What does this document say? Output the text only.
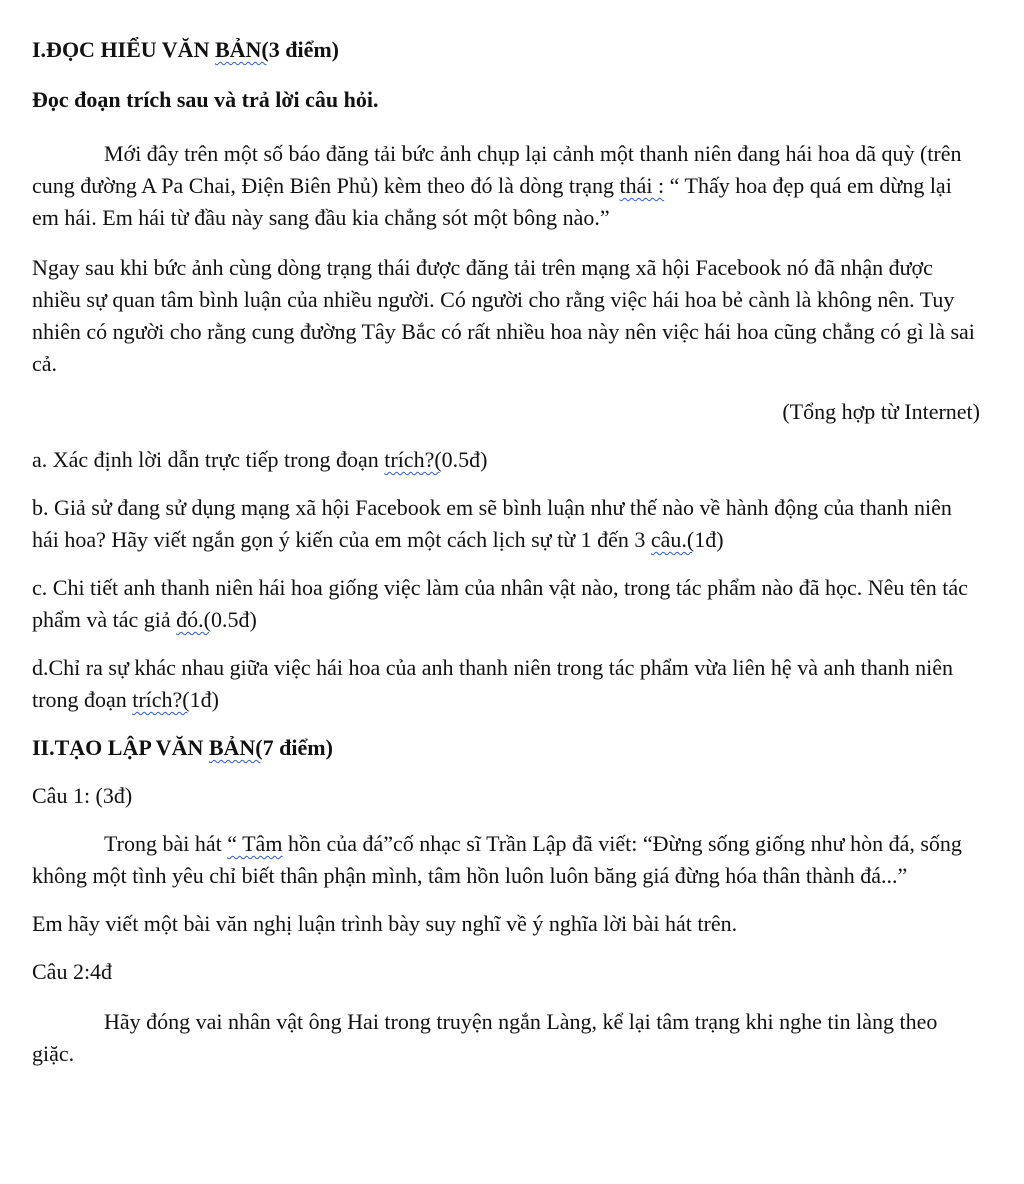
I.ĐỌC HIỂU VĂN BẢN(3 điểm)
Đọc đoạn trích sau và trả lời câu hỏi.
Mới đây trên một số báo đăng tải bức ảnh chụp lại cảnh một thanh niên đang hái hoa dã quỳ (trên cung đường A Pa Chai, Điện Biên Phủ) kèm theo đó là dòng trạng thái : “ Thấy hoa đẹp quá em dừng lại em hái. Em hái từ đầu này sang đầu kia chẳng sót một bông nào.”
Ngay sau khi bức ảnh cùng dòng trạng thái được đăng tải trên mạng xã hội Facebook nó đã nhận được nhiều sự quan tâm bình luận của nhiều người. Có người cho rằng việc hái hoa bẻ cành là không nên. Tuy nhiên có người cho rằng cung đường Tây Bắc có rất nhiều hoa này nên việc hái hoa cũng chẳng có gì là sai cả.
(Tổng hợp từ Internet)
a. Xác định lời dẫn trực tiếp trong đoạn trích?(0.5đ)
b. Giả sử đang sử dụng mạng xã hội Facebook em sẽ bình luận như thế nào về hành động của thanh niên hái hoa? Hãy viết ngắn gọn ý kiến của em một cách lịch sự từ 1 đến 3 câu.(1đ)
c. Chi tiết anh thanh niên hái hoa giống việc làm của nhân vật nào, trong tác phẩm nào đã học. Nêu tên tác phẩm và tác giả đó.(0.5đ)
d.Chỉ ra sự khác nhau giữa việc hái hoa của anh thanh niên trong tác phẩm vừa liên hệ và anh thanh niên trong đoạn trích?(1đ)
II.TẠO LẬP VĂN BẢN(7 điểm)
Câu 1: (3đ)
Trong bài hát “ Tâm hồn của đá”cố nhạc sĩ Trần Lập đã viết: “Đừng sống giống như hòn đá, sống không một tình yêu chỉ biết thân phận mình, tâm hồn luôn luôn băng giá đừng hóa thân thành đá...”
Em hãy viết một bài văn nghị luận trình bày suy nghĩ về ý nghĩa lời bài hát trên.
Câu 2:4đ
Hãy đóng vai nhân vật ông Hai trong truyện ngắn Làng, kể lại tâm trạng khi nghe tin làng theo giặc.
